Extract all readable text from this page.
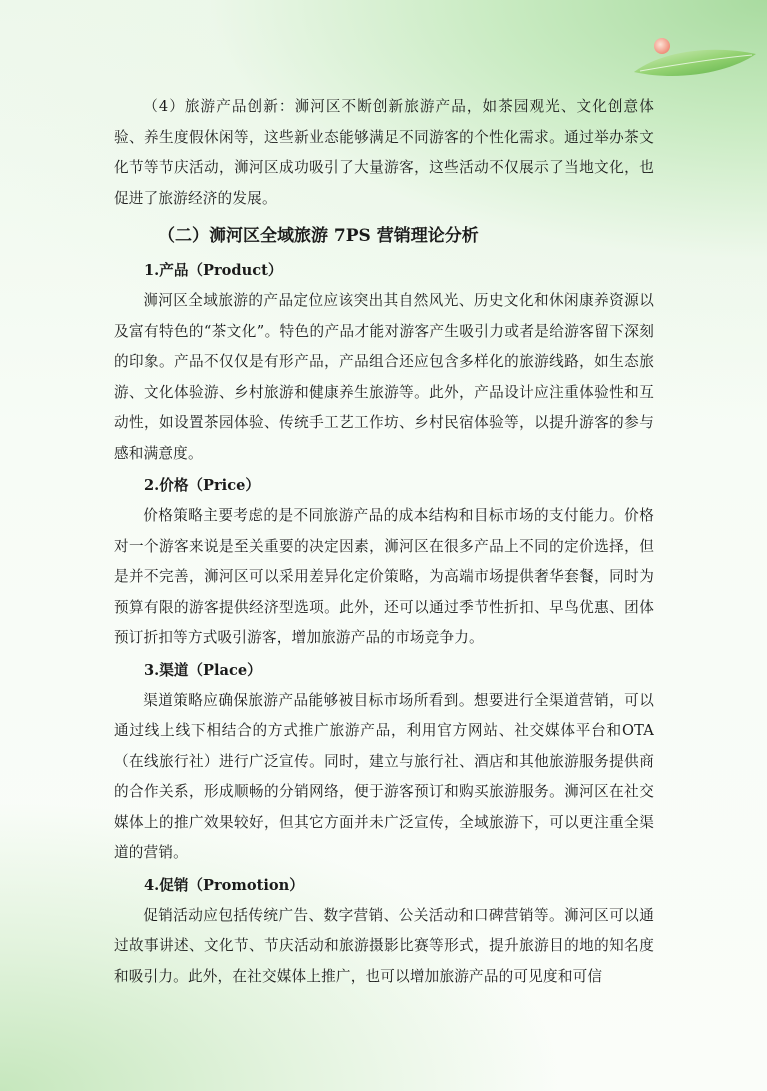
（4）旅游产品创新：浉河区不断创新旅游产品，如茶园观光、文化创意体验、养生度假休闲等，这些新业态能够满足不同游客的个性化需求。通过举办茶文化节等节庆活动，浉河区成功吸引了大量游客，这些活动不仅展示了当地文化，也促进了旅游经济的发展。

（二）浉河区全域旅游 7PS 营销理论分析
1.产品（Product）

浉河区全域旅游的产品定位应该突出其自然风光、历史文化和休闲康养资源以及富有特色的“茶文化”。特色的产品才能对游客产生吸引力或者是给游客留下深刻的印象。产品不仅仅是有形产品，产品组合还应包含多样化的旅游线路，如生态旅游、文化体验游、乡村旅游和健康养生旅游等。此外，产品设计应注重体验性和互动性，如设置茶园体验、传统手工艺工作坊、乡村民宿体验等，以提升游客的参与感和满意度。

2.价格（Price）

价格策略主要考虑的是不同旅游产品的成本结构和目标市场的支付能力。价格对一个游客来说是至关重要的决定因素，浉河区在很多产品上不同的定价选择，但是并不完善，浉河区可以采用差异化定价策略，为高端市场提供奢华套餐，同时为预算有限的游客提供经济型选项。此外，还可以通过季节性折扣、早鸟优惠、团体预订折扣等方式吸引游客，增加旅游产品的市场竞争力。

3.渠道（Place）

渠道策略应确保旅游产品能够被目标市场所看到。想要进行全渠道营销，可以通过线上线下相结合的方式推广旅游产品，利用官方网站、社交媒体平台和OTA（在线旅行社）进行广泛宣传。同时，建立与旅行社、酒店和其他旅游服务提供商的合作关系，形成顺畅的分销网络，便于游客预订和购买旅游服务。浉河区在社交媒体上的推广效果较好，但其它方面并未广泛宣传，全域旅游下，可以更注重全渠道的营销。

4.促销（Promotion）

促销活动应包括传统广告、数字营销、公关活动和口碑营销等。浉河区可以通过故事讲述、文化节、节庆活动和旅游摄影比赛等形式，提升旅游目的地的知名度和吸引力。此外，在社交媒体上推广，也可以增加旅游产品的可见度和可信
